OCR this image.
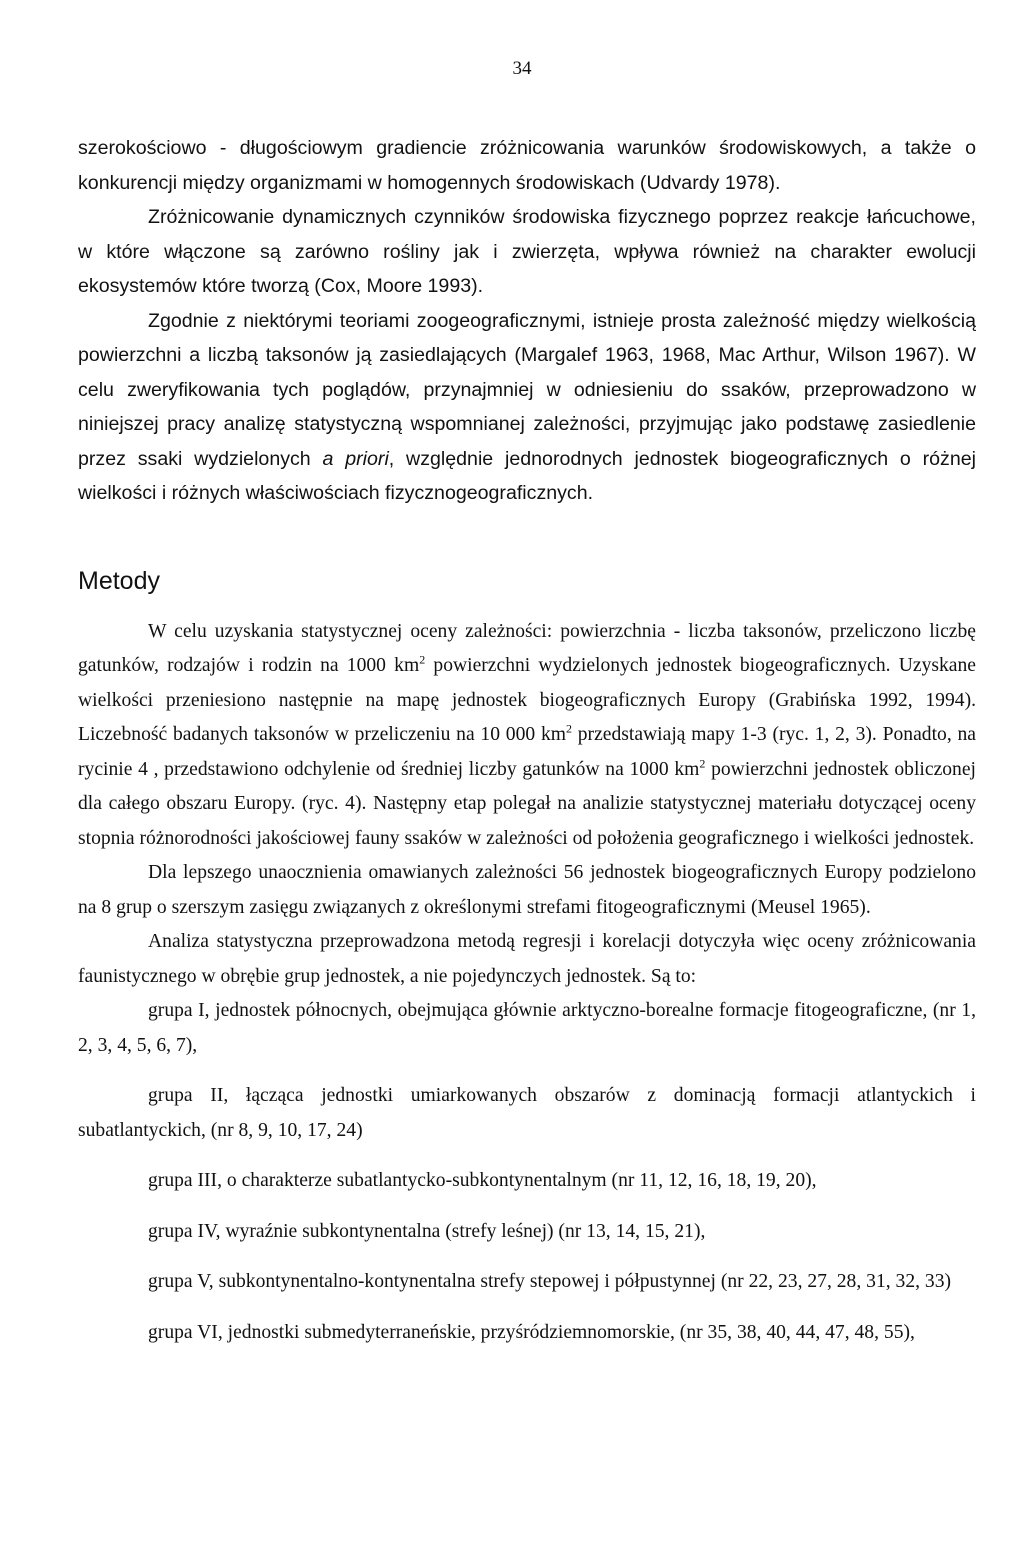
34

szerokościowo - długościowym gradiencie zróżnicowania warunków środowiskowych, a także o konkurencji między organizmami w homogennych środowiskach (Udvardy 1978).

Zróżnicowanie dynamicznych czynników środowiska fizycznego poprzez reakcje łańcuchowe, w które włączone są zarówno rośliny jak i zwierzęta, wpływa również na charakter ewolucji ekosystemów które tworzą (Cox, Moore 1993).

Zgodnie z niektórymi teoriami zoogeograficznymi, istnieje prosta zależność między wielkością powierzchni a liczbą taksonów ją zasiedlających (Margalef 1963, 1968, Mac Arthur, Wilson 1967). W celu zweryfikowania tych poglądów, przynajmniej w odniesieniu do ssaków, przeprowadzono w niniejszej pracy analizę statystyczną wspomnianej zależności, przyjmując jako podstawę zasiedlenie przez ssaki wydzielonych a priori, względnie jednorodnych jednostek biogeograficznych o różnej wielkości i różnych właściwościach fizycznogeograficznych.

Metody

W celu uzyskania statystycznej oceny zależności: powierzchnia - liczba taksonów, przeliczono liczbę gatunków, rodzajów i rodzin na 1000 $km^2$ powierzchni wydzielonych jednostek biogeograficznych. Uzyskane wielkości przeniesiono następnie na mapę jednostek biogeograficznych Europy (Grabińska 1992, 1994). Liczebność badanych taksonów w przeliczeniu na 10 000 $km^2$ przedstawiają mapy 1-3 (ryc. 1, 2, 3). Ponadto, na rycinie 4 , przedstawiono odchylenie od średniej liczby gatunków na 1000 $km^2$ powierzchni jednostek obliczonej dla całego obszaru Europy. (ryc. 4). Następny etap polegał na analizie statystycznej materiału dotyczącej oceny stopnia różnorodności jakościowej fauny ssaków w zależności od położenia geograficznego i wielkości jednostek.

Dla lepszego unaocznienia omawianych zależności 56 jednostek biogeograficznych Europy podzielono na 8 grup o szerszym zasięgu związanych z określonymi strefami fitogeograficznymi (Meusel 1965).

Analiza statystyczna przeprowadzona metodą regresji i korelacji dotyczyła więc oceny zróżnicowania faunistycznego w obrębie grup jednostek, a nie pojedynczych jednostek. Są to:

grupa I, jednostek północnych, obejmująca głównie arktyczno-borealne formacje fitogeograficzne, (nr 1, 2, 3, 4, 5, 6, 7),

grupa II, łącząca jednostki umiarkowanych obszarów z dominacją formacji atlantyckich i subatlantyckich, (nr 8, 9, 10, 17, 24)

grupa III, o charakterze subatlantycko-subkontynentalnym (nr 11, 12, 16, 18, 19, 20),

grupa IV, wyraźnie subkontynentalna (strefy leśnej) (nr 13, 14, 15, 21),

grupa V, subkontynentalno-kontynentalna strefy stepowej i półpustynnej (nr 22, 23, 27, 28, 31, 32, 33)

grupa VI, jednostki submedyterraneńskie, przyśródziemnomorskie, (nr 35, 38, 40, 44, 47, 48, 55),
